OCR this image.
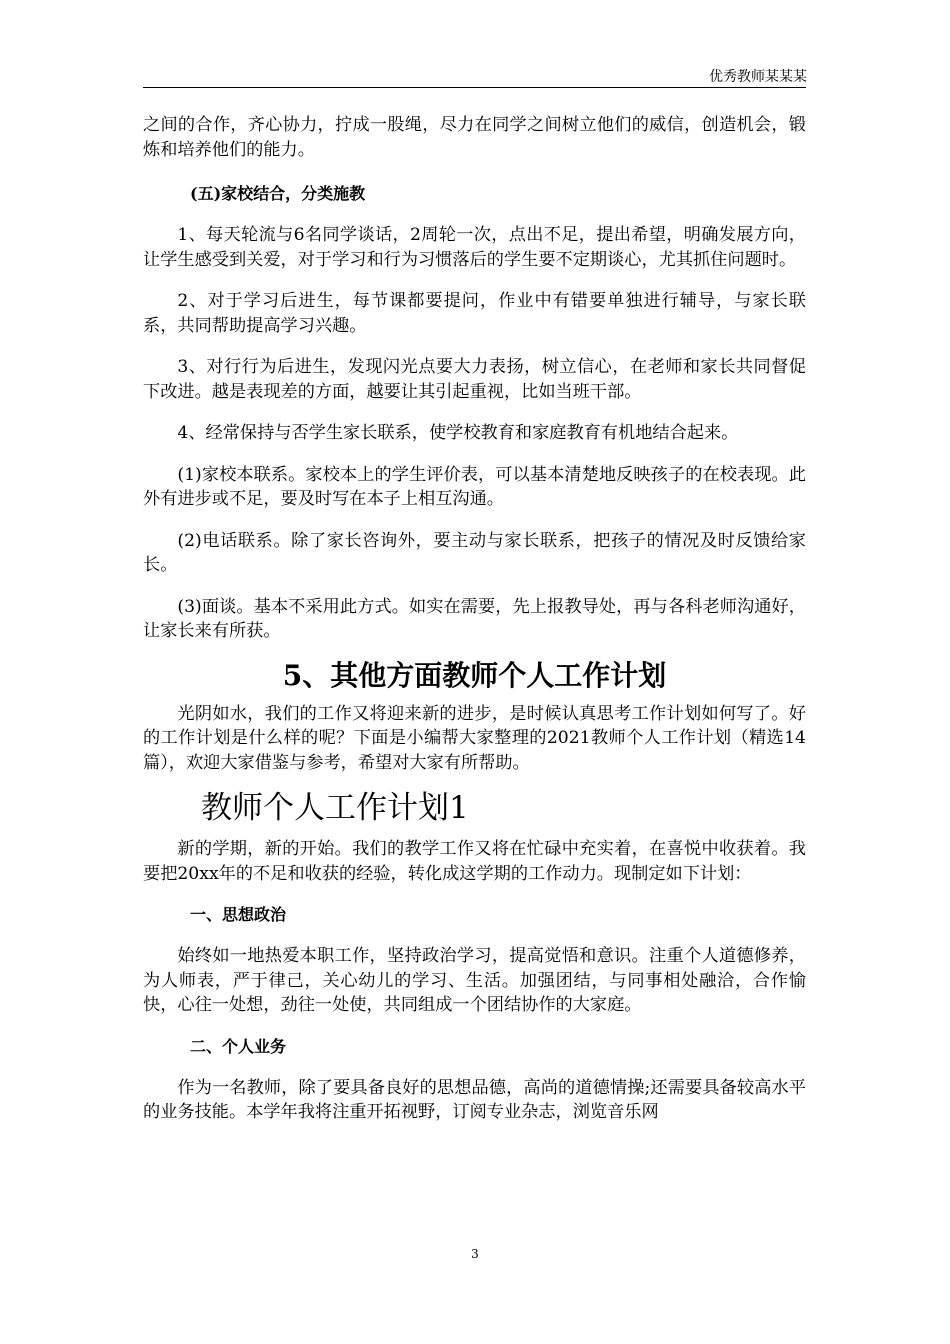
优秀教师某某某

之间的合作，齐心协力，拧成一股绳，尽力在同学之间树立他们的威信，创造机会，锻炼和培养他们的能力。

(五)家校结合，分类施教

1、每天轮流与6名同学谈话，2周轮一次，点出不足，提出希望，明确发展方向，让学生感受到关爱，对于学习和行为习惯落后的学生要不定期谈心，尤其抓住问题时。

2、对于学习后进生，每节课都要提问，作业中有错要单独进行辅导，与家长联系，共同帮助提高学习兴趣。

3、对行行为后进生，发现闪光点要大力表扬，树立信心，在老师和家长共同督促下改进。越是表现差的方面，越要让其引起重视，比如当班干部。

4、经常保持与否学生家长联系，使学校教育和家庭教育有机地结合起来。

(1)家校本联系。家校本上的学生评价表，可以基本清楚地反映孩子的在校表现。此外有进步或不足，要及时写在本子上相互沟通。

(2)电话联系。除了家长咨询外，要主动与家长联系，把孩子的情况及时反馈给家长。

(3)面谈。基本不采用此方式。如实在需要，先上报教导处，再与各科老师沟通好，让家长来有所获。

5、其他方面教师个人工作计划

光阴如水，我们的工作又将迎来新的进步，是时候认真思考工作计划如何写了。好的工作计划是什么样的呢？下面是小编帮大家整理的2021教师个人工作计划（精选14篇），欢迎大家借鉴与参考，希望对大家有所帮助。

教师个人工作计划1

新的学期，新的开始。我们的教学工作又将在忙碌中充实着，在喜悦中收获着。我要把20xx年的不足和收获的经验，转化成这学期的工作动力。现制定如下计划：

一、思想政治

始终如一地热爱本职工作，坚持政治学习，提高觉悟和意识。注重个人道德修养，为人师表，严于律己，关心幼儿的学习、生活。加强团结，与同事相处融洽，合作愉快，心往一处想，劲往一处使，共同组成一个团结协作的大家庭。

二、个人业务

作为一名教师，除了要具备良好的思想品德，高尚的道德情操;还需要具备较高水平的业务技能。本学年我将注重开拓视野，订阅专业杂志，浏览音乐网

3
